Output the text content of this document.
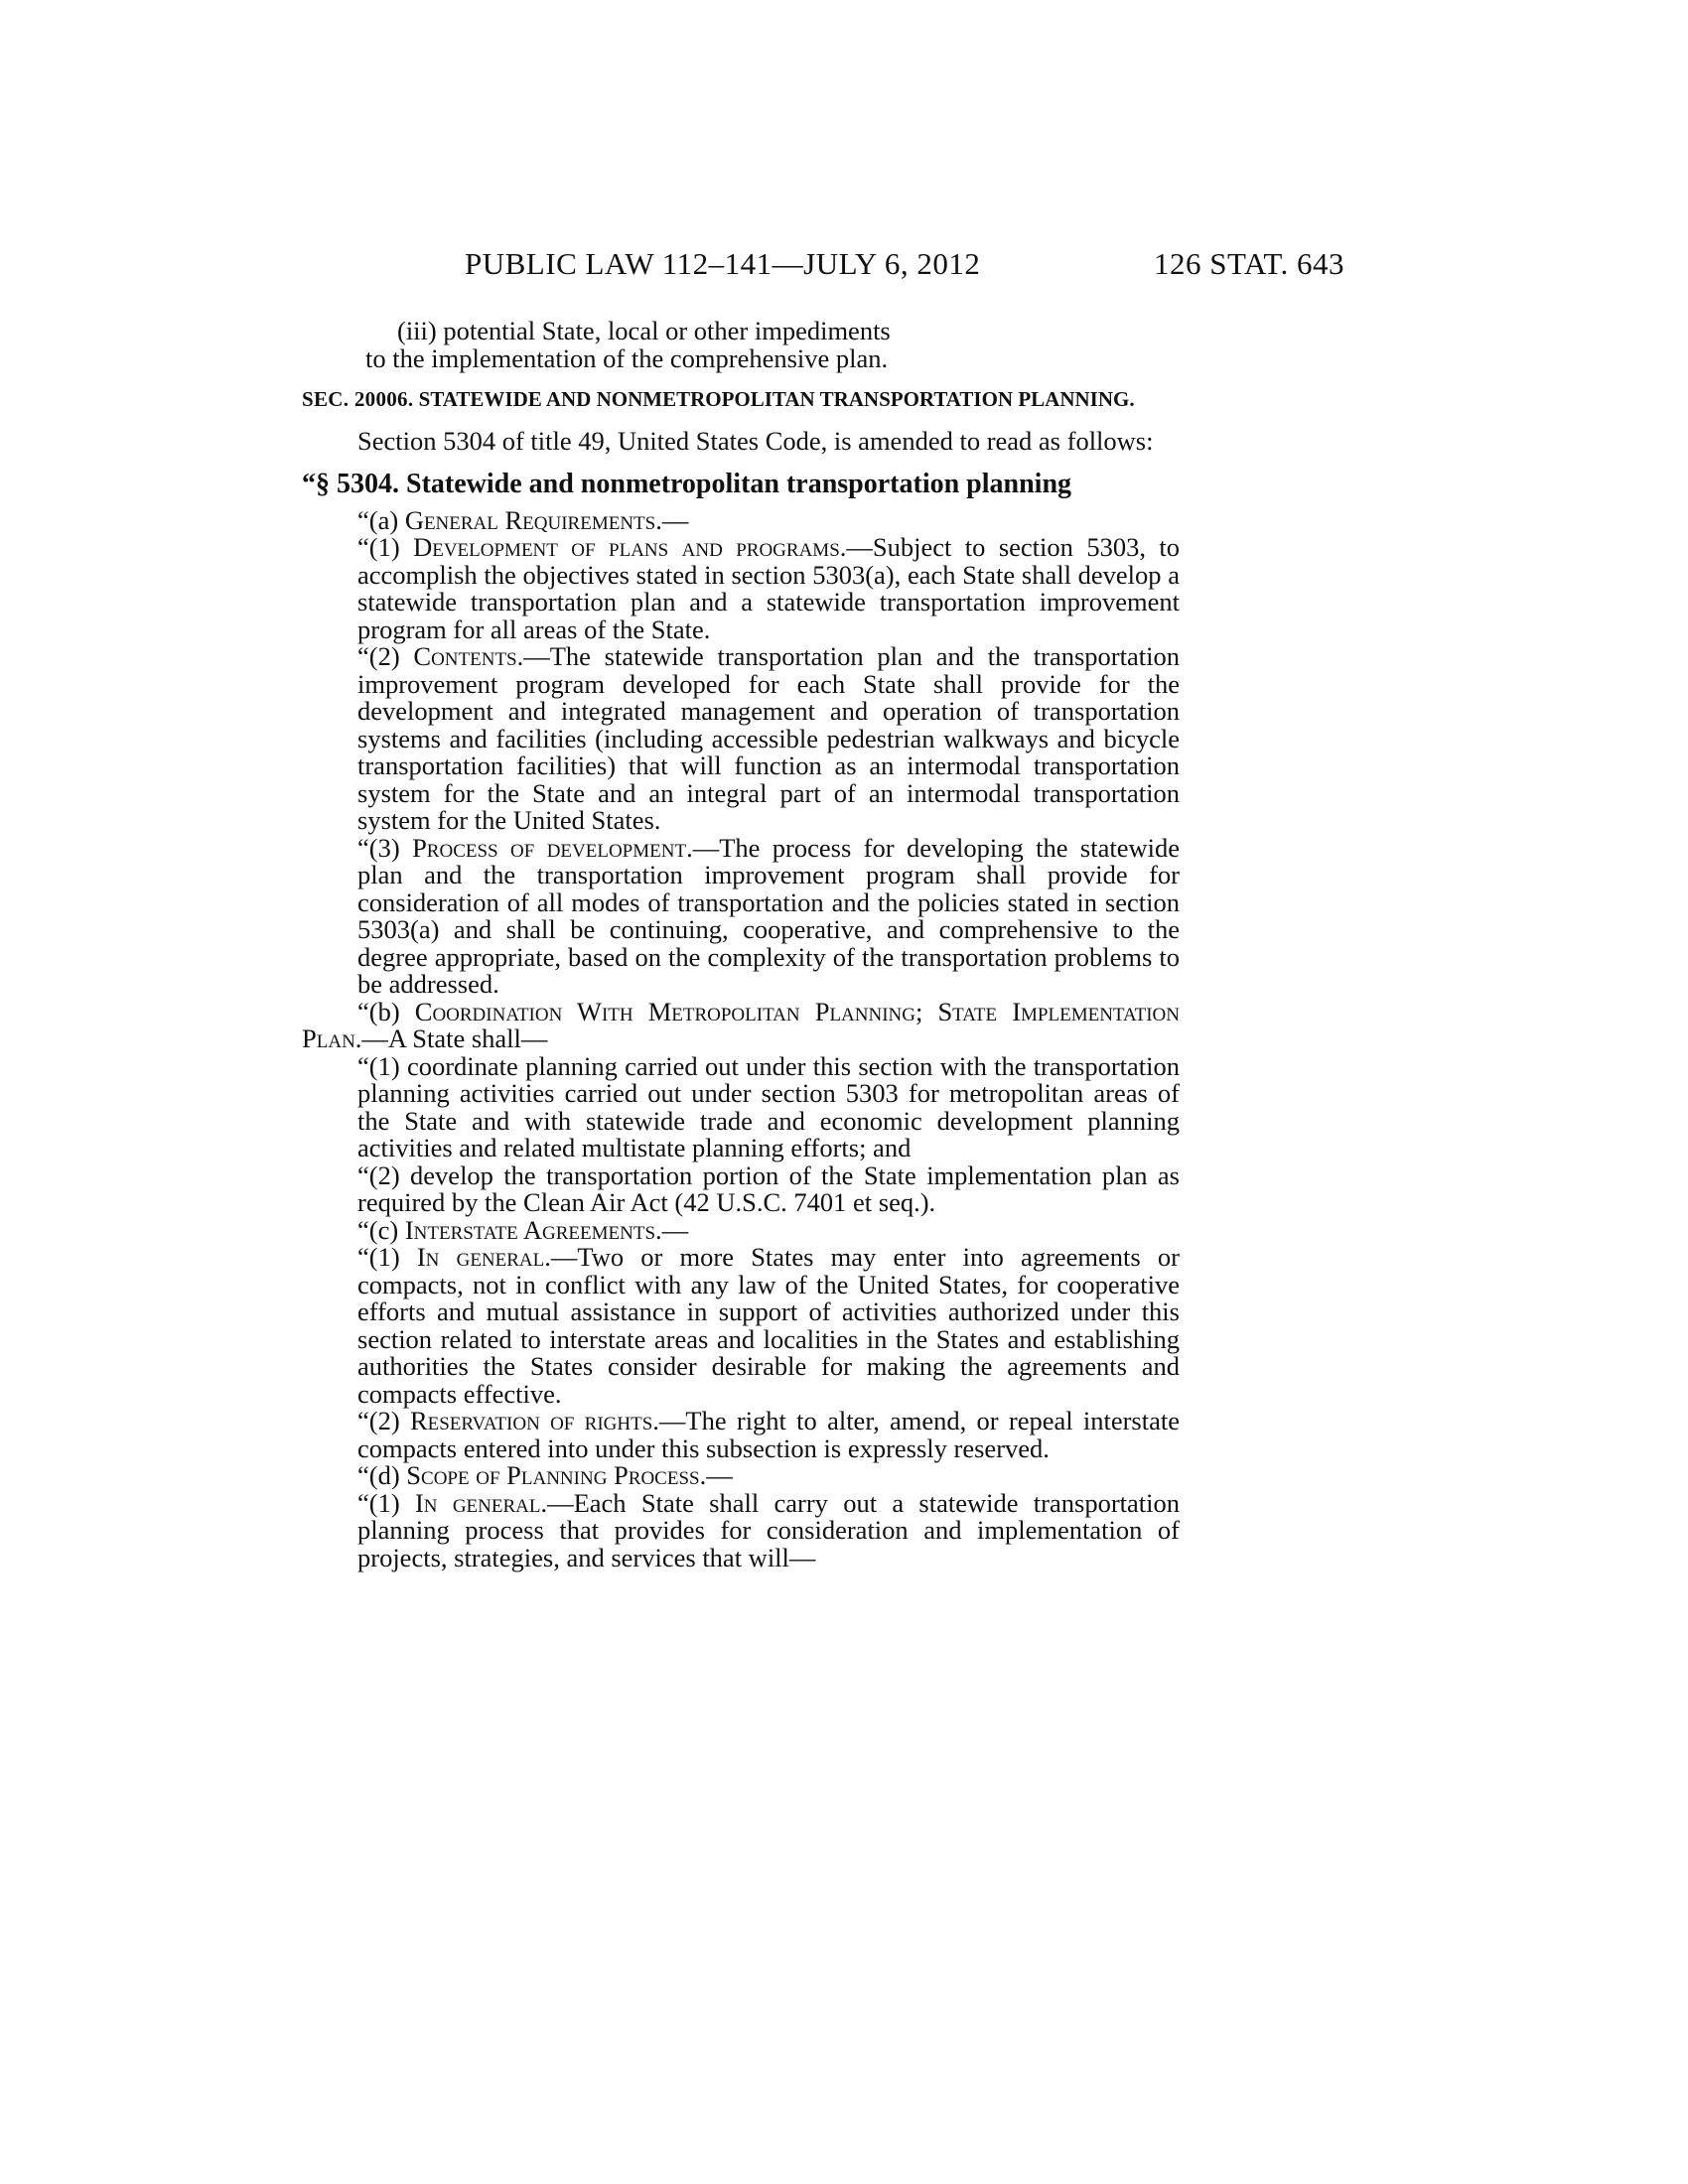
PUBLIC LAW 112–141—JULY 6, 2012	126 STAT. 643

(iii) potential State, local or other impediments

to the implementation of the comprehensive plan.

SEC. 20006. STATEWIDE AND NONMETROPOLITAN TRANSPORTATION PLANNING.

Section 5304 of title 49, United States Code, is amended to read as follows:

“§ 5304. Statewide and nonmetropolitan transportation planning

“(a) General Requirements.—

“(1) Development of plans and programs.—Subject to section 5303, to accomplish the objectives stated in section 5303(a), each State shall develop a statewide transportation plan and a statewide transportation improvement program for all areas of the State.

“(2) Contents.—The statewide transportation plan and the transportation improvement program developed for each State shall provide for the development and integrated management and operation of transportation systems and facilities (including accessible pedestrian walkways and bicycle transportation facilities) that will function as an intermodal transportation system for the State and an integral part of an intermodal transportation system for the United States.

“(3) Process of development.—The process for developing the statewide plan and the transportation improvement program shall provide for consideration of all modes of transportation and the policies stated in section 5303(a) and shall be continuing, cooperative, and comprehensive to the degree appropriate, based on the complexity of the transportation problems to be addressed.

“(b) Coordination With Metropolitan Planning; State Implementation Plan.—A State shall—

“(1) coordinate planning carried out under this section with the transportation planning activities carried out under section 5303 for metropolitan areas of the State and with statewide trade and economic development planning activities and related multistate planning efforts; and

“(2) develop the transportation portion of the State implementation plan as required by the Clean Air Act (42 U.S.C. 7401 et seq.).

“(c) Interstate Agreements.—

“(1) In general.—Two or more States may enter into agreements or compacts, not in conflict with any law of the United States, for cooperative efforts and mutual assistance in support of activities authorized under this section related to interstate areas and localities in the States and establishing authorities the States consider desirable for making the agreements and compacts effective.

“(2) Reservation of rights.—The right to alter, amend, or repeal interstate compacts entered into under this subsection is expressly reserved.

“(d) Scope of Planning Process.—

“(1) In general.—Each State shall carry out a statewide transportation planning process that provides for consideration and implementation of projects, strategies, and services that will—
